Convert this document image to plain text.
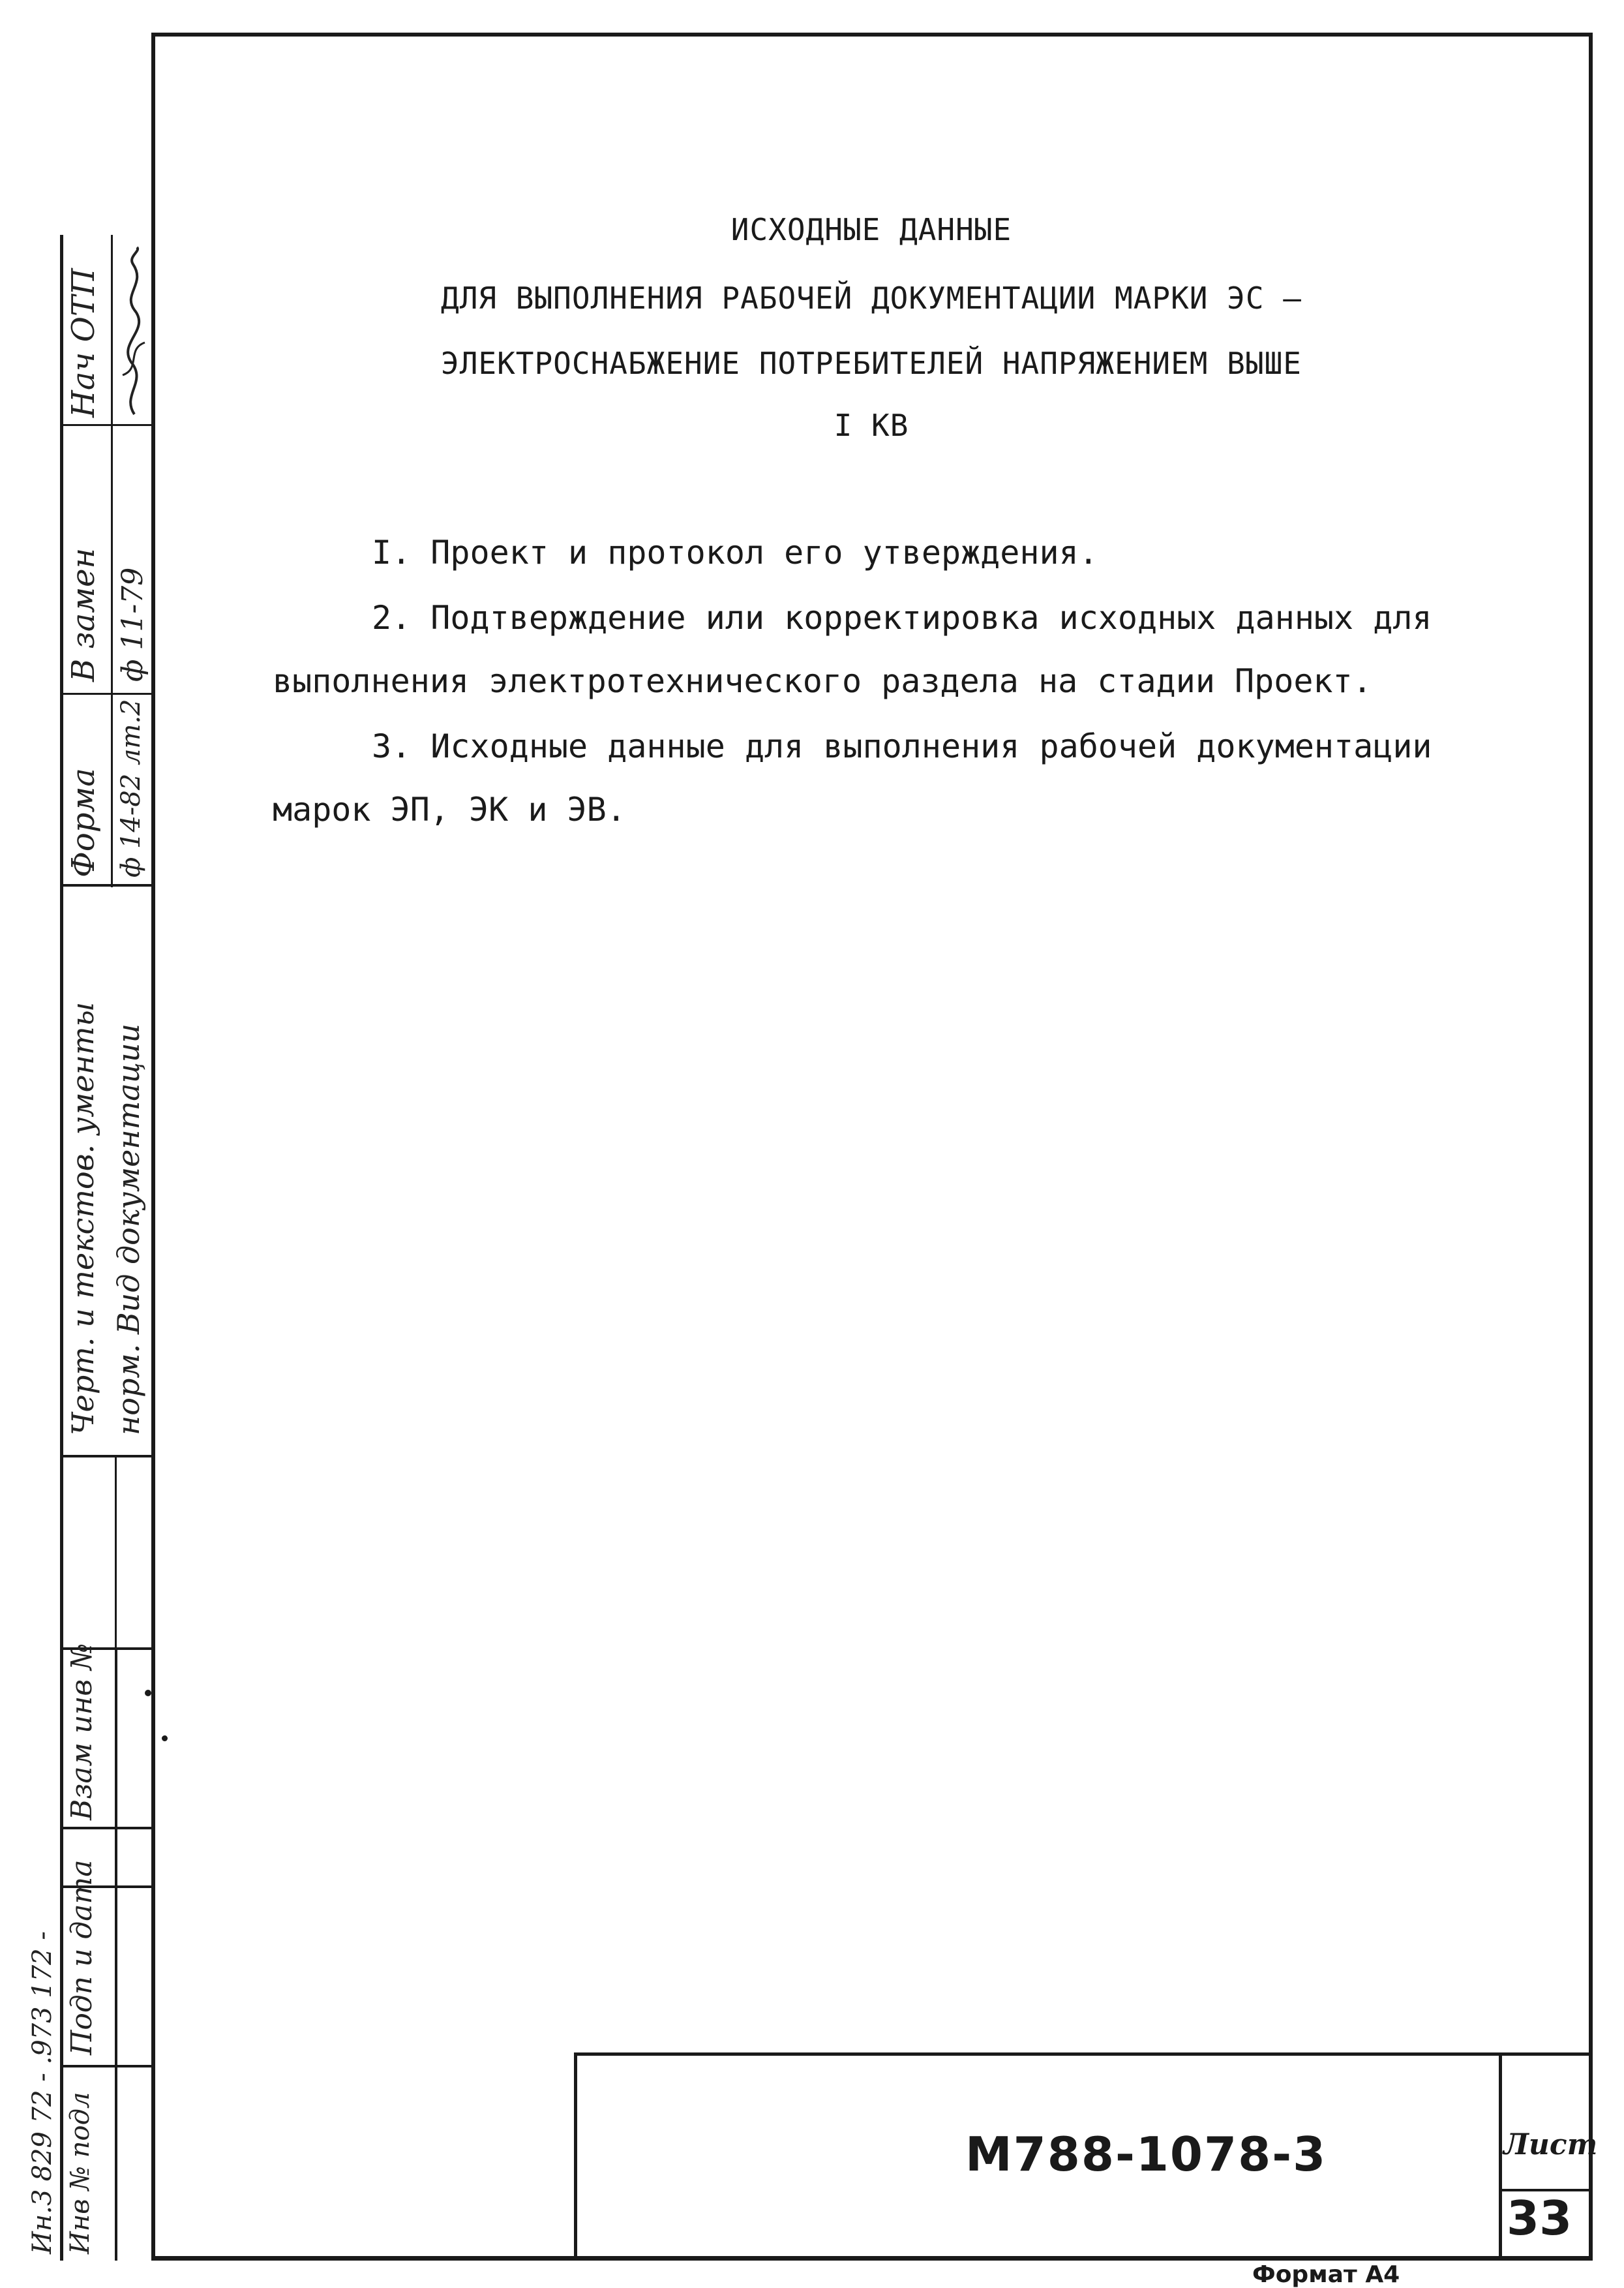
Нач ОТП
В замен ф 11-79
Форма ф 14-82 лт.2
Черт. и текстов. ументы норм. Вид документации
Взам инв №
Подп и дата
Инв № подл
Ин.З 829 72 - .973 172 -
ИСХОДНЫЕ ДАННЫЕ
ДЛЯ ВЫПОЛНЕНИЯ РАБОЧЕЙ ДОКУМЕНТАЦИИ МАРКИ ЭС –
ЭЛЕКТРОСНАБЖЕНИЕ ПОТРЕБИТЕЛЕЙ НАПРЯЖЕНИЕМ ВЫШЕ
I КВ
I. Проект и протокол его утверждения.
2. Подтверждение или корректировка исходных данных для
выполнения электротехнического раздела на стадии Проект.
3. Исходные данные для выполнения рабочей документации
марок ЭП, ЭК и ЭВ.
М788-1078-3	Лист
33
Формат А4
